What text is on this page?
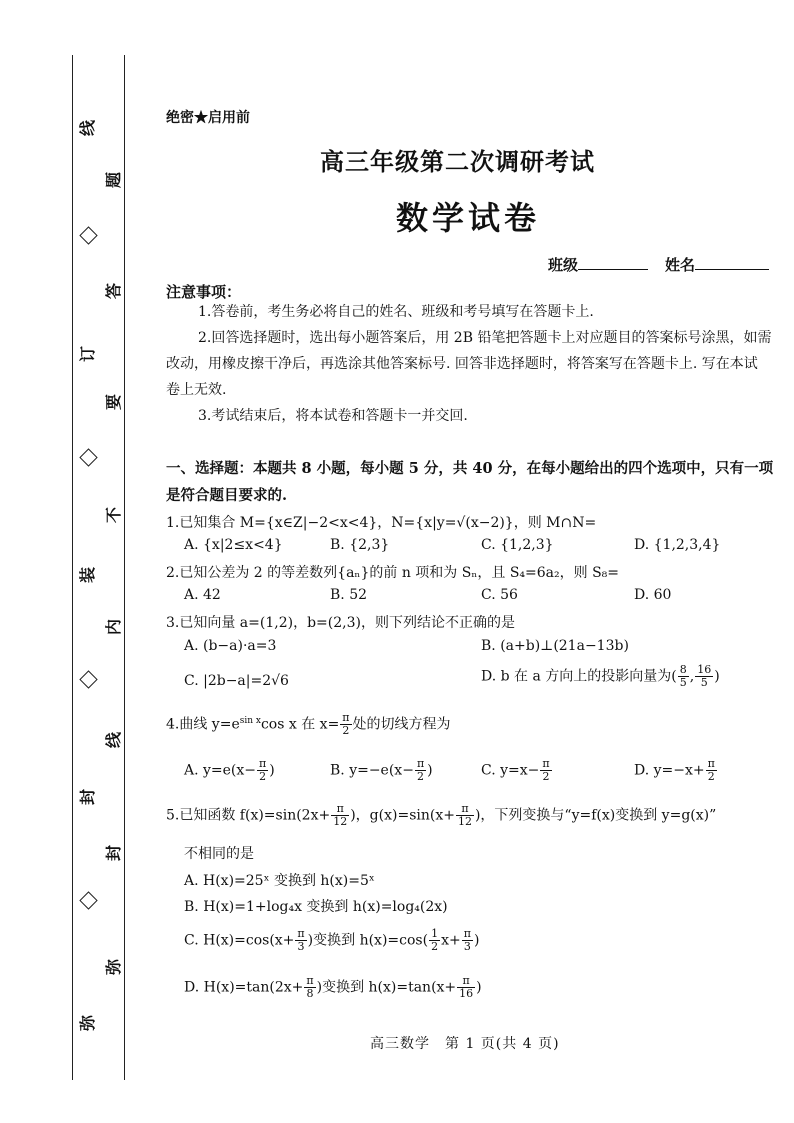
线
订
装
封
弥
题
答
要
不
内
线
封
弥
绝密★启用前
高三年级第二次调研考试
数学试卷
班级	姓名
注意事项：
1.答卷前，考生务必将自己的姓名、班级和考号填写在答题卡上.
2.回答选择题时，选出每小题答案后，用 2B 铅笔把答题卡上对应题目的答案标号涂黑，如需
改动，用橡皮擦干净后，再选涂其他答案标号. 回答非选择题时，将答案写在答题卡上. 写在本试
卷上无效.
3.考试结束后，将本试卷和答题卡一并交回.
一、选择题：本题共 8 小题，每小题 5 分，共 40 分，在每小题给出的四个选项中，只有一项是符合题目要求的.
1.已知集合 M={x∈Z|−2<x<4}，N={x|y=√(x−2)}，则 M∩N=
A. {x|2≤x<4}	B. {2,3}	C. {1,2,3}	D. {1,2,3,4}
2.已知公差为 2 的等差数列{aₙ}的前 n 项和为 Sₙ，且 S₄=6a₂，则 S₈=
A. 42	B. 52	C. 56	D. 60
3.已知向量 a=(1,2)，b=(2,3)，则下列结论不正确的是
A. (b−a)·a=3	B. (a+b)⊥(21a−13b)
C. |2b−a|=2√6	D. b 在 a 方向上的投影向量为( $\frac{8}{5}$ , $\frac{16}{5}$ )
4.曲线 $y=e^{sin x}\cos$ x 在 $x= \frac{\pi}{2}$ 处的切线方程为
A. $y=e(x- \frac{\pi}{2}$ )	B. $y=-e(x- \frac{\pi}{2}$ )	C. $y=x- \frac{\pi}{2}$	D. $y=-x+ \frac{\pi}{2}$
5.已知函数 $f(x)=\sin(2x+ \frac{\pi}{12}$ )，$g(x)=\sin(x+ \frac{\pi}{12}$ )，下列变换与“y=f(x)变换到 y=g(x)”
不相同的是
A. H(x)=25ˣ 变换到 h(x)=5ˣ
B. H(x)=1+log₄x 变换到 h(x)=log₄(2x)
C. $H(x)=\cos(x+ \frac{\pi}{3}$ )变换到 $h(x)=\cos( \frac{1}{2} x+ \frac{\pi}{3}$ )
D. $H(x)=\tan(2x+ \frac{\pi}{8}$ )变换到 $h(x)=\tan(x+ \frac{\pi}{16}$ )
高三数学　第 1 页(共 4 页)
